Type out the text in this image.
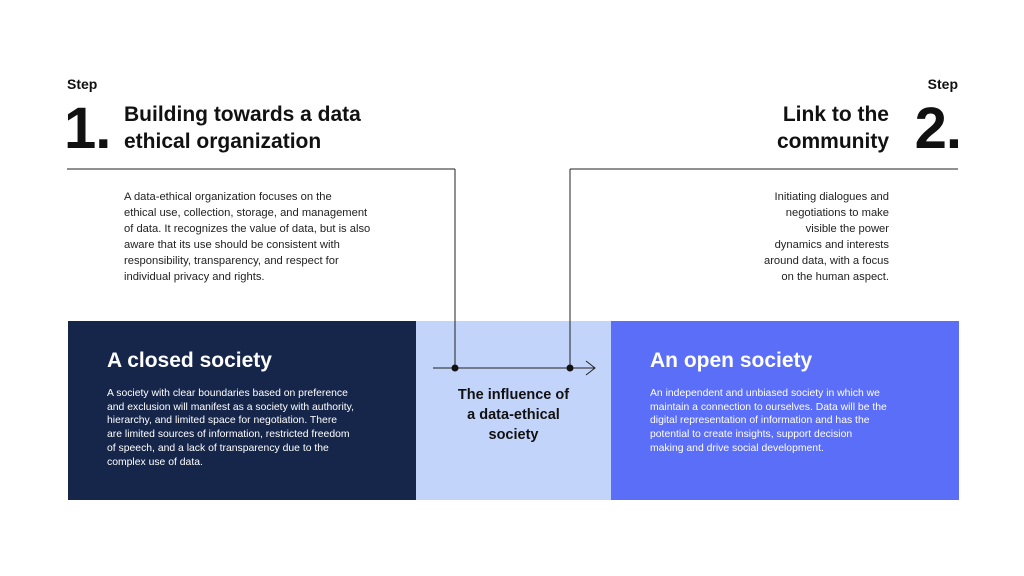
A closed society
A society with clear boundaries based on preference
and exclusion will manifest as a society with authority,
hierarchy, and limited space for negotiation. There
are limited sources of information, restricted freedom
of speech, and a lack of transparency due to the
complex use of data.
The influence of
a data-ethical
society
An open society
An independent and unbiased society in which we
maintain a connection to ourselves. Data will be the
digital representation of information and has the
potential to create insights, support decision
making and drive social development.
Step
1. Building towards a data
ethical organization
A data-ethical organization focuses on the
ethical use, collection, storage, and management
of data. It recognizes the value of data, but is also
aware that its use should be consistent with
responsibility, transparency, and respect for
individual privacy and rights.
Step
2.
Link to the
community
Initiating dialogues and
negotiations to make
visible the power
dynamics and interests
around data, with a focus
on the human aspect.
